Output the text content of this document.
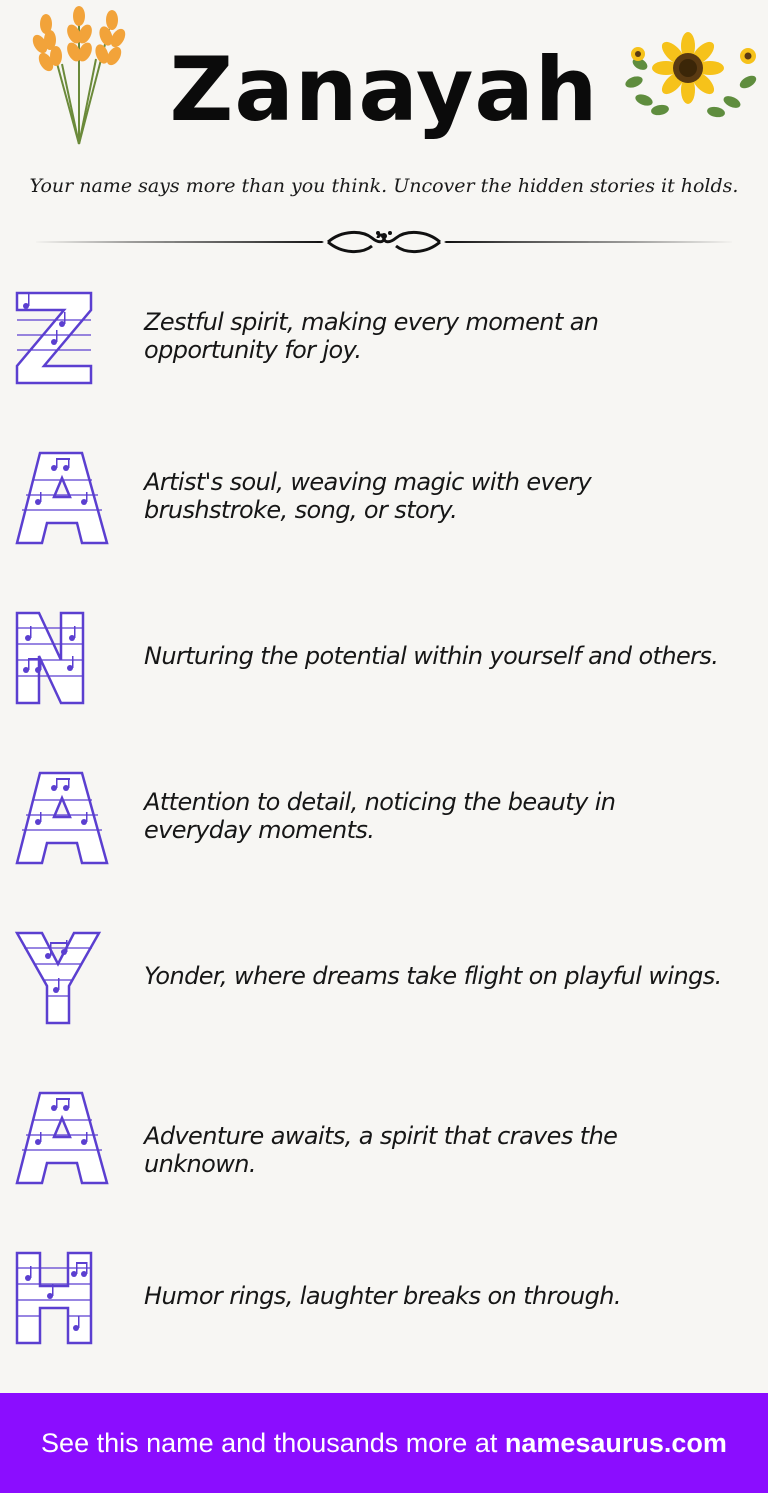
Zanayah
Your name says more than you think. Uncover the hidden stories it holds.
Zestful spirit, making every moment an opportunity for joy.
Artist's soul, weaving magic with every brushstroke, song, or story.
Nurturing the potential within yourself and others.
Attention to detail, noticing the beauty in everyday moments.
Yonder, where dreams take flight on playful wings.
Adventure awaits, a spirit that craves the unknown.
Humor rings, laughter breaks on through.
See this name and thousands more at namesaurus.com
